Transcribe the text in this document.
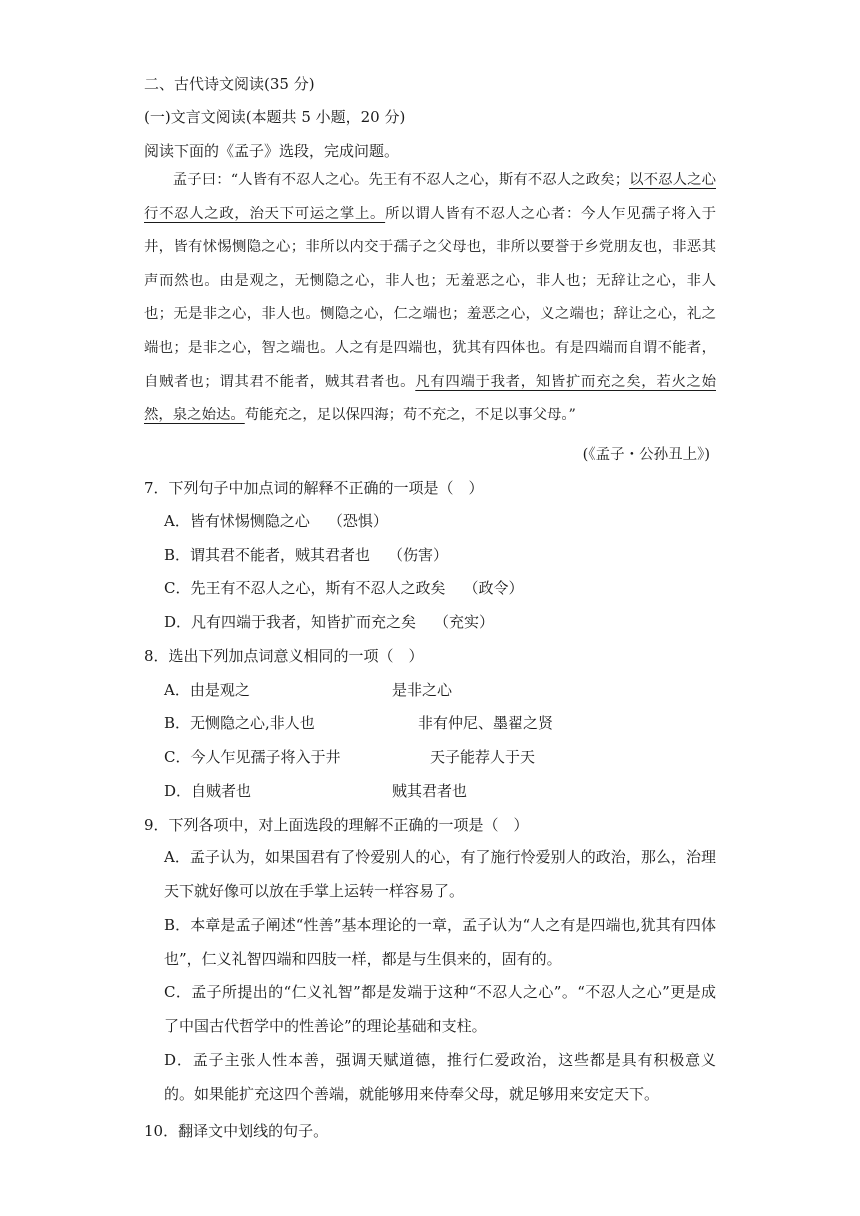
二、古代诗文阅读(35 分)
(一)文言文阅读(本题共 5 小题，20 分)
阅读下面的《孟子》选段，完成问题。
孟子曰：“人皆有不忍人之心。先王有不忍人之心，斯有不忍人之政矣；以不忍人之心行不忍人之政，治天下可运之掌上。所以谓人皆有不忍人之心者：今人乍见孺子将入于井，皆有怵惕恻隐之心；非所以内交于孺子之父母也，非所以要誉于乡党朋友也，非恶其声而然也。由是观之，无恻隐之心，非人也；无羞恶之心，非人也；无辞让之心，非人也；无是非之心，非人也。恻隐之心，仁之端也；羞恶之心，义之端也；辞让之心，礼之端也；是非之心，智之端也。人之有是四端也，犹其有四体也。有是四端而自谓不能者，自贼者也；谓其君不能者，贼其君者也。凡有四端于我者，知皆扩而充之矣，若火之始然，泉之始达。苟能充之，足以保四海；苟不充之，不足以事父母。”
(《孟子・公孙丑上》)
7．下列句子中加点词的解释不正确的一项是（　）
A．皆有怵惕恻隐之心 （恐惧）
B．谓其君不能者，贼其君者也 （伤害）
C．先王有不忍人之心，斯有不忍人之政矣 （政令）
D．凡有四端于我者，知皆扩而充之矣 （充实）
8．选出下列加点词意义相同的一项（　）
A．由是观之	是非之心
B．无恻隐之心,非人也	非有仲尼、墨翟之贤
C．今人乍见孺子将入于井	天子能荐人于天
D．自贼者也	贼其君者也
9．下列各项中，对上面选段的理解不正确的一项是（　）
A．孟子认为，如果国君有了怜爱别人的心，有了施行怜爱别人的政治，那么，治理天下就好像可以放在手掌上运转一样容易了。
B．本章是孟子阐述“性善”基本理论的一章，孟子认为“人之有是四端也,犹其有四体也”，仁义礼智四端和四肢一样，都是与生俱来的，固有的。
C．孟子所提出的“仁义礼智”都是发端于这种“不忍人之心”。“不忍人之心”更是成了中国古代哲学中的性善论”的理论基础和支柱。
D．孟子主张人性本善，强调天赋道德，推行仁爱政治，这些都是具有积极意义的。如果能扩充这四个善端，就能够用来侍奉父母，就足够用来安定天下。
10．翻译文中划线的句子。
